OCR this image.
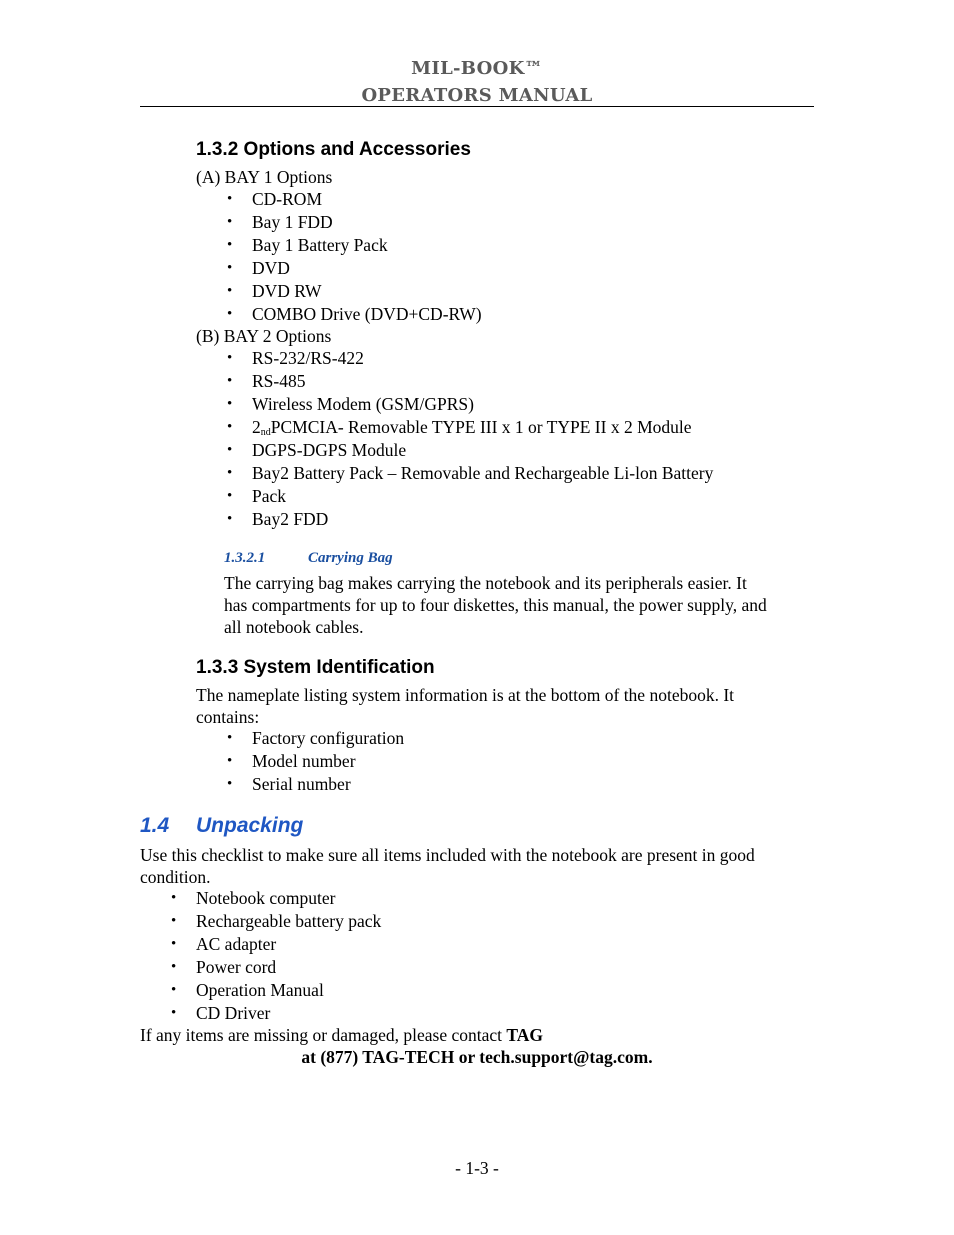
MIL-BOOK™
OPERATORS MANUAL
1.3.2 Options and Accessories
(A) BAY 1 Options
• CD-ROM
• Bay 1 FDD
• Bay 1 Battery Pack
• DVD
• DVD RW
• COMBO Drive (DVD+CD-RW)
(B) BAY 2 Options
• RS-232/RS-422
• RS-485
• Wireless Modem (GSM/GPRS)
• $2_{nd}PCMCIA-$ Removable TYPE III x 1 or TYPE II x 2 Module
• DGPS-DGPS Module
• Bay2 Battery Pack – Removable and Rechargeable Li-lon Battery
• Pack
• Bay2 FDD
1.3.2.1	Carrying Bag
The carrying bag makes carrying the notebook and its peripherals easier. It
has compartments for up to four diskettes, this manual, the power supply, and
all notebook cables.
1.3.3 System Identification
The nameplate listing system information is at the bottom of the notebook. It
contains:
• Factory configuration
• Model number
• Serial number
1.4 Unpacking
Use this checklist to make sure all items included with the notebook are present in good
condition.
• Notebook computer
• Rechargeable battery pack
• AC adapter
• Power cord
• Operation Manual
• CD Driver
If any items are missing or damaged, please contact TAG
at (877) TAG-TECH or tech.support@tag.com.
- 1-3 -
